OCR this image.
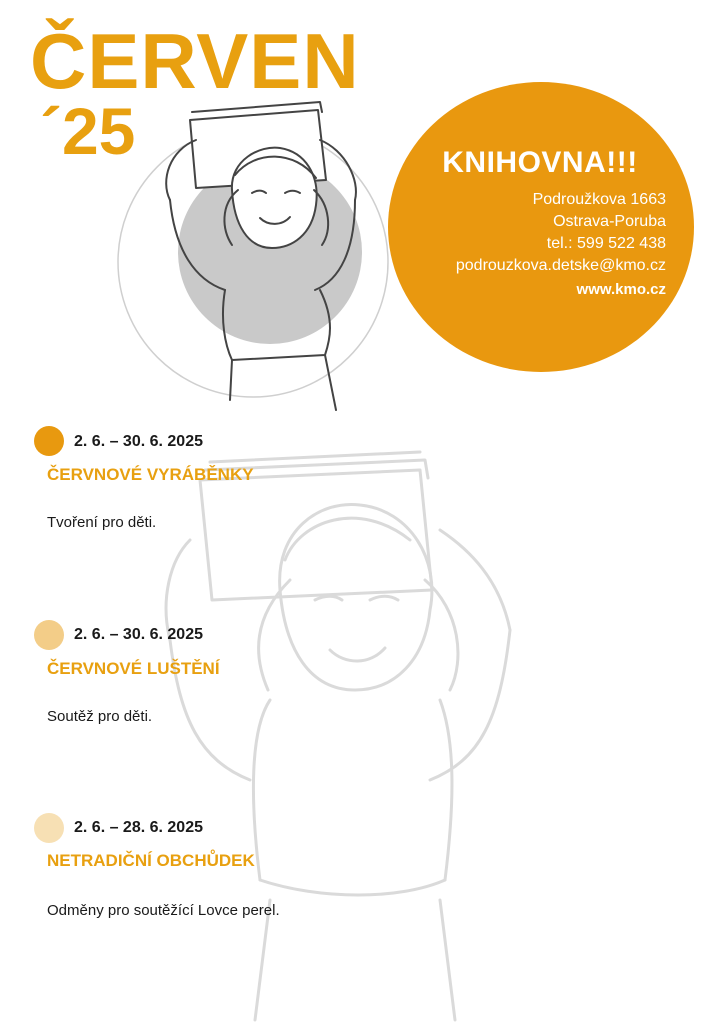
ČERVEN
´25	KNIHOVNA!!!
Podroužkova 1663
Ostrava-Poruba
tel.: 599 522 438
podrouzkova.detske@kmo.cz
www.kmo.cz
2. 6. – 30. 6. 2025
ČERVNOVÉ VYRÁBĚNKY
Tvoření pro děti.
2. 6. – 30. 6. 2025
ČERVNOVÉ LUŠTĚNÍ
Soutěž pro děti.
2. 6. – 28. 6. 2025
NETRADIČNÍ OBCHŮDEK
Odměny pro soutěžící Lovce perel.
